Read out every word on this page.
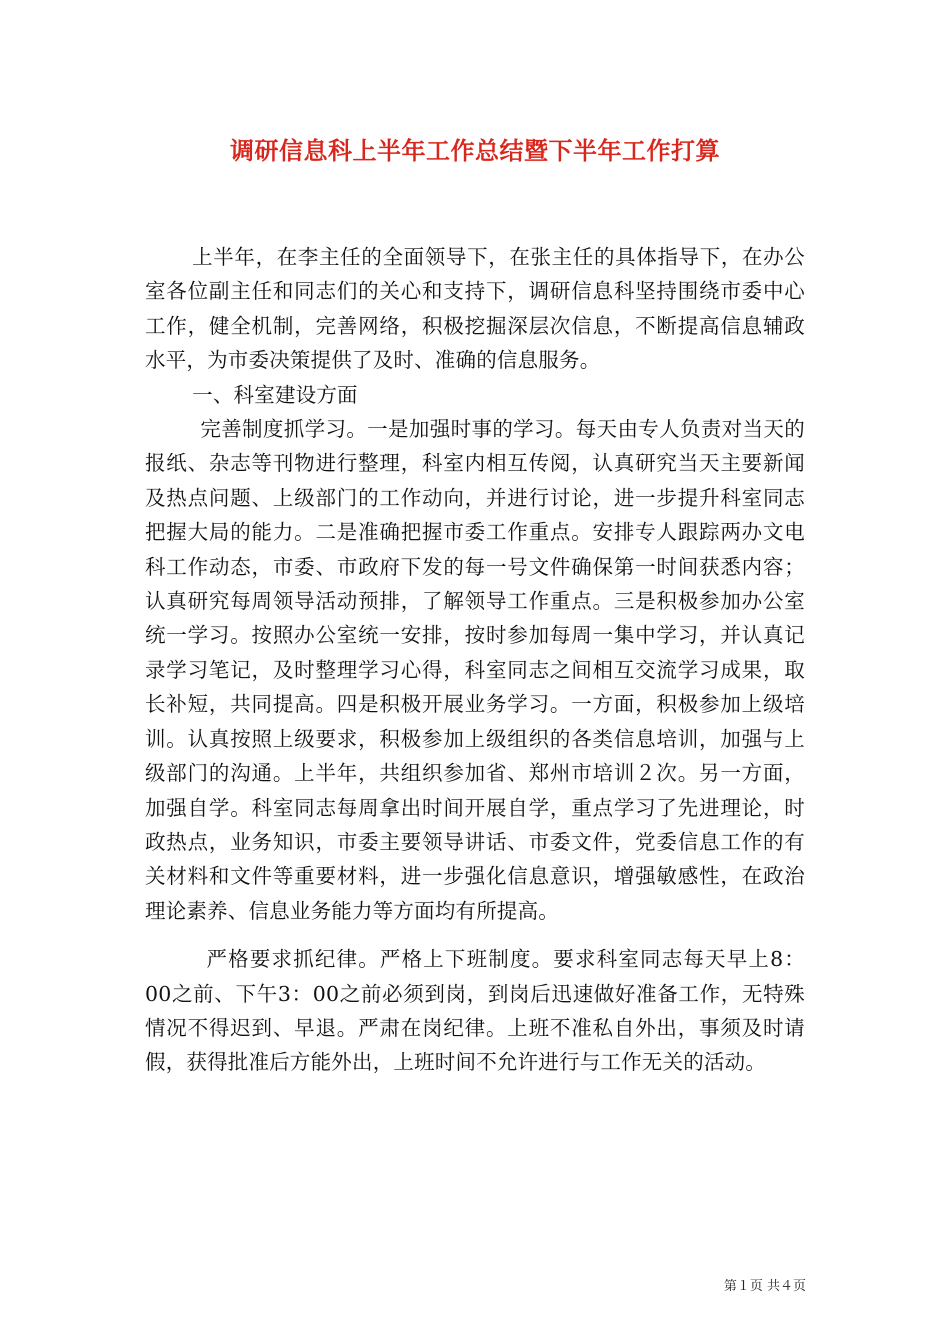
调研信息科上半年工作总结暨下半年工作打算

上半年，在李主任的全面领导下，在张主任的具体指导下，在办公室各位副主任和同志们的关心和支持下，调研信息科坚持围绕市委中心工作，健全机制，完善网络，积极挖掘深层次信息，不断提高信息辅政水平，为市委决策提供了及时、准确的信息服务。

一、科室建设方面

完善制度抓学习。一是加强时事的学习。每天由专人负责对当天的报纸、杂志等刊物进行整理，科室内相互传阅，认真研究当天主要新闻及热点问题、上级部门的工作动向，并进行讨论，进一步提升科室同志把握大局的能力。二是准确把握市委工作重点。安排专人跟踪两办文电科工作动态，市委、市政府下发的每一号文件确保第一时间获悉内容；认真研究每周领导活动预排，了解领导工作重点。三是积极参加办公室统一学习。按照办公室统一安排，按时参加每周一集中学习，并认真记录学习笔记，及时整理学习心得，科室同志之间相互交流学习成果，取长补短，共同提高。四是积极开展业务学习。一方面，积极参加上级培训。认真按照上级要求，积极参加上级组织的各类信息培训，加强与上级部门的沟通。上半年，共组织参加省、郑州市培训２次。另一方面，加强自学。科室同志每周拿出时间开展自学，重点学习了先进理论，时政热点，业务知识，市委主要领导讲话、市委文件，党委信息工作的有关材料和文件等重要材料，进一步强化信息意识，增强敏感性，在政治理论素养、信息业务能力等方面均有所提高。

严格要求抓纪律。严格上下班制度。要求科室同志每天早上8：00之前、下午3：00之前必须到岗，到岗后迅速做好准备工作，无特殊情况不得迟到、早退。严肃在岗纪律。上班不准私自外出，事须及时请假，获得批准后方能外出，上班时间不允许进行与工作无关的活动。

第１页 共４页
